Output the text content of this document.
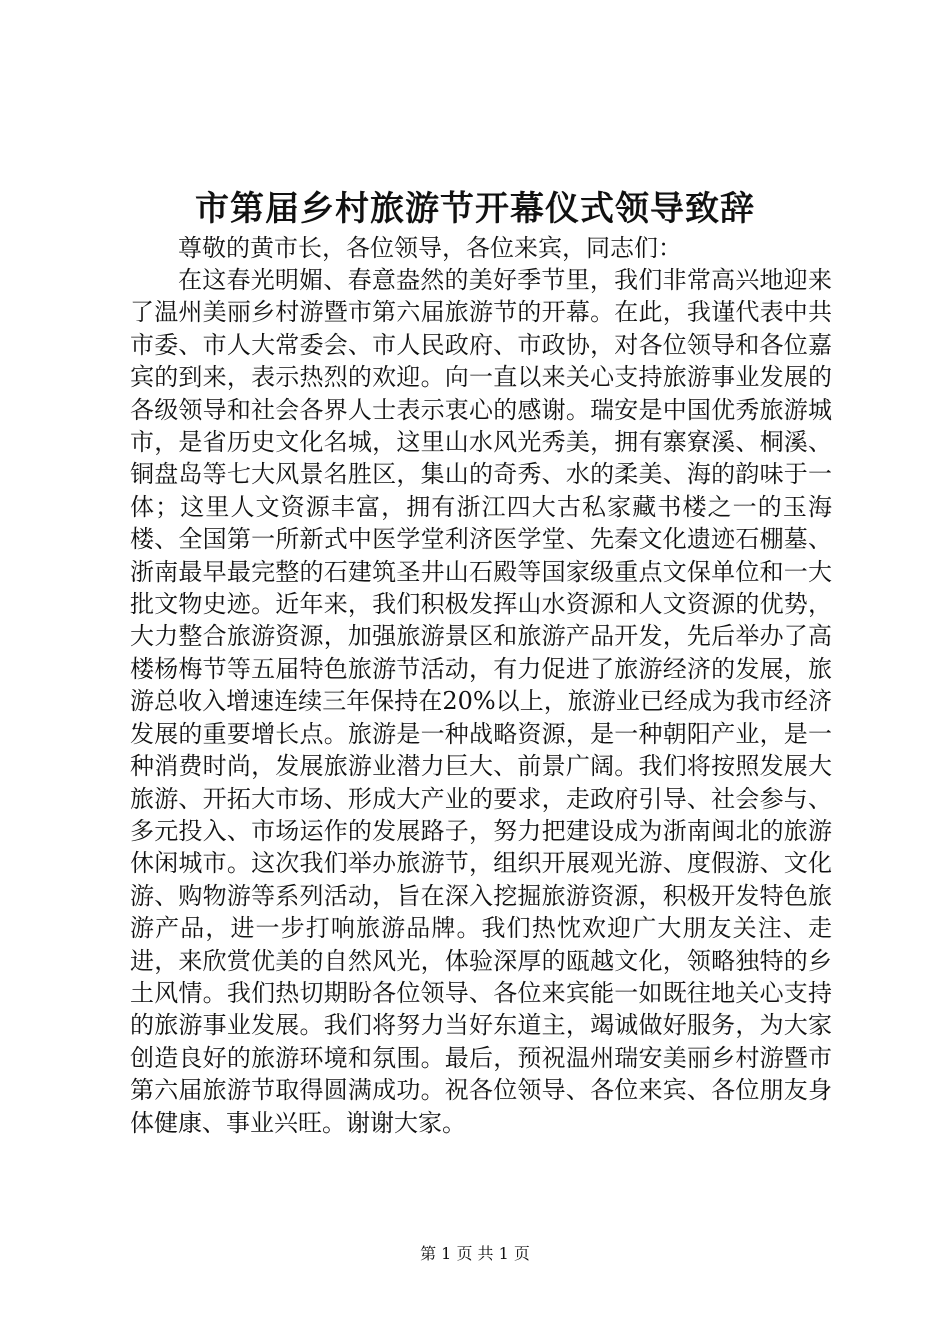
市第届乡村旅游节开幕仪式领导致辞

尊敬的黄市长，各位领导，各位来宾，同志们：

在这春光明媚、春意盎然的美好季节里，我们非常高兴地迎来了温州美丽乡村游暨市第六届旅游节的开幕。在此，我谨代表中共市委、市人大常委会、市人民政府、市政协，对各位领导和各位嘉宾的到来，表示热烈的欢迎。向一直以来关心支持旅游事业发展的各级领导和社会各界人士表示衷心的感谢。瑞安是中国优秀旅游城市，是省历史文化名城，这里山水风光秀美，拥有寨寮溪、桐溪、铜盘岛等七大风景名胜区，集山的奇秀、水的柔美、海的韵味于一体；这里人文资源丰富，拥有浙江四大古私家藏书楼之一的玉海楼、全国第一所新式中医学堂利济医学堂、先秦文化遗迹石棚墓、浙南最早最完整的石建筑圣井山石殿等国家级重点文保单位和一大批文物史迹。近年来，我们积极发挥山水资源和人文资源的优势，大力整合旅游资源，加强旅游景区和旅游产品开发，先后举办了高楼杨梅节等五届特色旅游节活动，有力促进了旅游经济的发展，旅游总收入增速连续三年保持在20%以上，旅游业已经成为我市经济发展的重要增长点。旅游是一种战略资源，是一种朝阳产业，是一种消费时尚，发展旅游业潜力巨大、前景广阔。我们将按照发展大旅游、开拓大市场、形成大产业的要求，走政府引导、社会参与、多元投入、市场运作的发展路子，努力把建设成为浙南闽北的旅游休闲城市。这次我们举办旅游节，组织开展观光游、度假游、文化游、购物游等系列活动，旨在深入挖掘旅游资源，积极开发特色旅游产品，进一步打响旅游品牌。我们热忱欢迎广大朋友关注、走进，来欣赏优美的自然风光，体验深厚的瓯越文化，领略独特的乡土风情。我们热切期盼各位领导、各位来宾能一如既往地关心支持的旅游事业发展。我们将努力当好东道主，竭诚做好服务，为大家创造良好的旅游环境和氛围。最后，预祝温州瑞安美丽乡村游暨市第六届旅游节取得圆满成功。祝各位领导、各位来宾、各位朋友身体健康、事业兴旺。谢谢大家。

第 1 页 共 1 页
